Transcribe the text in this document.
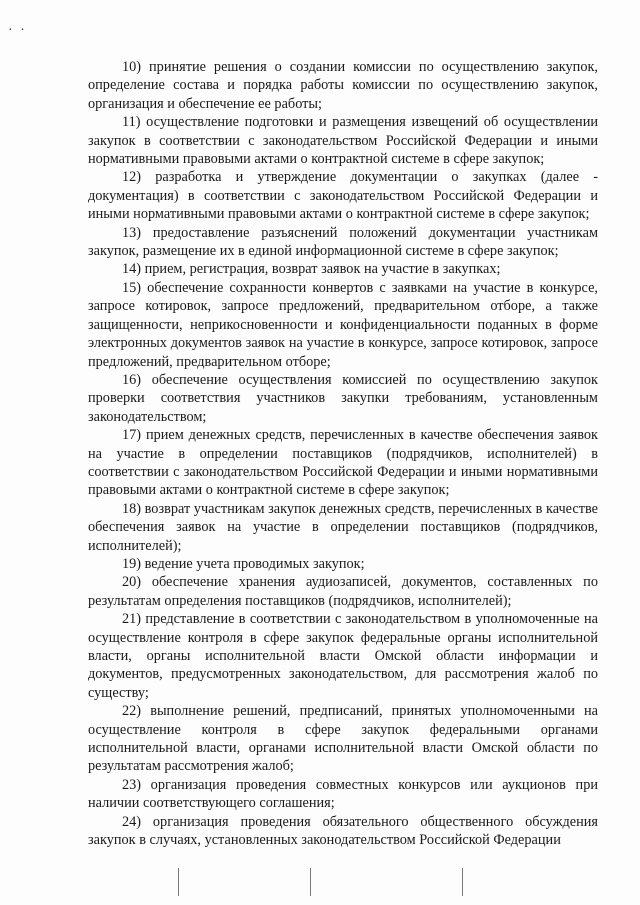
· ·

10) принятие решения о создании комиссии по осуществлению закупок, определение состава и порядка работы комиссии по осуществлению закупок, организация и обеспечение ее работы;

11) осуществление подготовки и размещения извещений об осуществлении закупок в соответствии с законодательством Российской Федерации и иными нормативными правовыми актами о контрактной системе в сфере закупок;

12) разработка и утверждение документации о закупках (далее - документация) в соответствии с законодательством Российской Федерации и иными нормативными правовыми актами о контрактной системе в сфере закупок;

13) предоставление разъяснений положений документации участникам закупок, размещение их в единой информационной системе в сфере закупок;

14) прием, регистрация, возврат заявок на участие в закупках;

15) обеспечение сохранности конвертов с заявками на участие в конкурсе, запросе котировок, запросе предложений, предварительном отборе, а также защищенности, неприкосновенности и конфиденциальности поданных в форме электронных документов заявок на участие в конкурсе, запросе котировок, запросе предложений, предварительном отборе;

16) обеспечение осуществления комиссией по осуществлению закупок проверки соответствия участников закупки требованиям, установленным законодательством;

17) прием денежных средств, перечисленных в качестве обеспечения заявок на участие в определении поставщиков (подрядчиков, исполнителей) в соответствии с законодательством Российской Федерации и иными нормативными правовыми актами о контрактной системе в сфере закупок;

18) возврат участникам закупок денежных средств, перечисленных в качестве обеспечения заявок на участие в определении поставщиков (подрядчиков, исполнителей);

19) ведение учета проводимых закупок;

20) обеспечение хранения аудиозаписей, документов, составленных по результатам определения поставщиков (подрядчиков, исполнителей);

21) представление в соответствии с законодательством в уполномоченные на осуществление контроля в сфере закупок федеральные органы исполнительной власти, органы исполнительной власти Омской области информации и документов, предусмотренных законодательством, для рассмотрения жалоб по существу;

22) выполнение решений, предписаний, принятых уполномоченными на осуществление контроля в сфере закупок федеральными органами исполнительной власти, органами исполнительной власти Омской области по результатам рассмотрения жалоб;

23) организация проведения совместных конкурсов или аукционов при наличии соответствующего соглашения;

24) организация проведения обязательного общественного обсуждения закупок в случаях, установленных законодательством Российской Федерации
